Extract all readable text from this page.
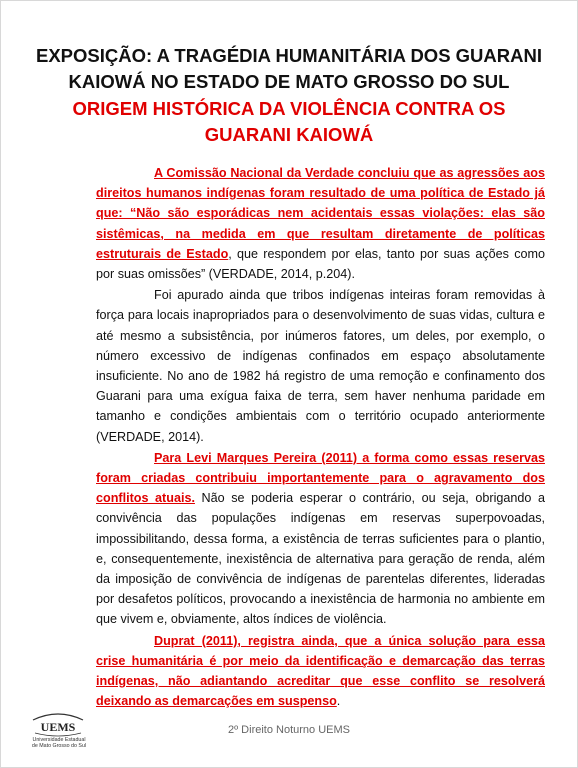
EXPOSIÇÃO: A TRAGÉDIA HUMANITÁRIA DOS GUARANI
KAIOWÁ NO ESTADO DE MATO GROSSO DO SUL
ORIGEM HISTÓRICA DA VIOLÊNCIA CONTRA OS
GUARANI KAIOWÁ

A Comissão Nacional da Verdade concluiu que as agressões aos direitos humanos indígenas foram resultado de uma política de Estado já que: “Não são esporádicas nem acidentais essas violações: elas são sistêmicas, na medida em que resultam diretamente de políticas estruturais de Estado, que respondem por elas, tanto por suas ações como por suas omissões” (VERDADE, 2014, p.204).

Foi apurado ainda que tribos indígenas inteiras foram removidas à força para locais inapropriados para o desenvolvimento de suas vidas, cultura e até mesmo a subsistência, por inúmeros fatores, um deles, por exemplo, o número excessivo de indígenas confinados em espaço absolutamente insuficiente. No ano de 1982 há registro de uma remoção e confinamento dos Guarani para uma exígua faixa de terra, sem haver nenhuma paridade em tamanho e condições ambientais com o território ocupado anteriormente (VERDADE, 2014).

Para Levi Marques Pereira (2011) a forma como essas reservas foram criadas contribuiu importantemente para o agravamento dos conflitos atuais. Não se poderia esperar o contrário, ou seja, obrigando a convivência das populações indígenas em reservas superpovoadas, impossibilitando, dessa forma, a existência de terras suficientes para o plantio, e, consequentemente, inexistência de alternativa para geração de renda, além da imposição de convivência de indígenas de parentelas diferentes, lideradas por desafetos políticos, provocando a inexistência de harmonia no ambiente em que vivem e, obviamente, altos índices de violência.

Duprat (2011), registra ainda, que a única solução para essa crise humanitária é por meio da identificação e demarcação das terras indígenas, não adiantando acreditar que esse conflito se resolverá deixando as demarcações em suspenso.

UEMS
Universidade Estadual de Mato Grosso do Sul
2º Direito Noturno UEMS
